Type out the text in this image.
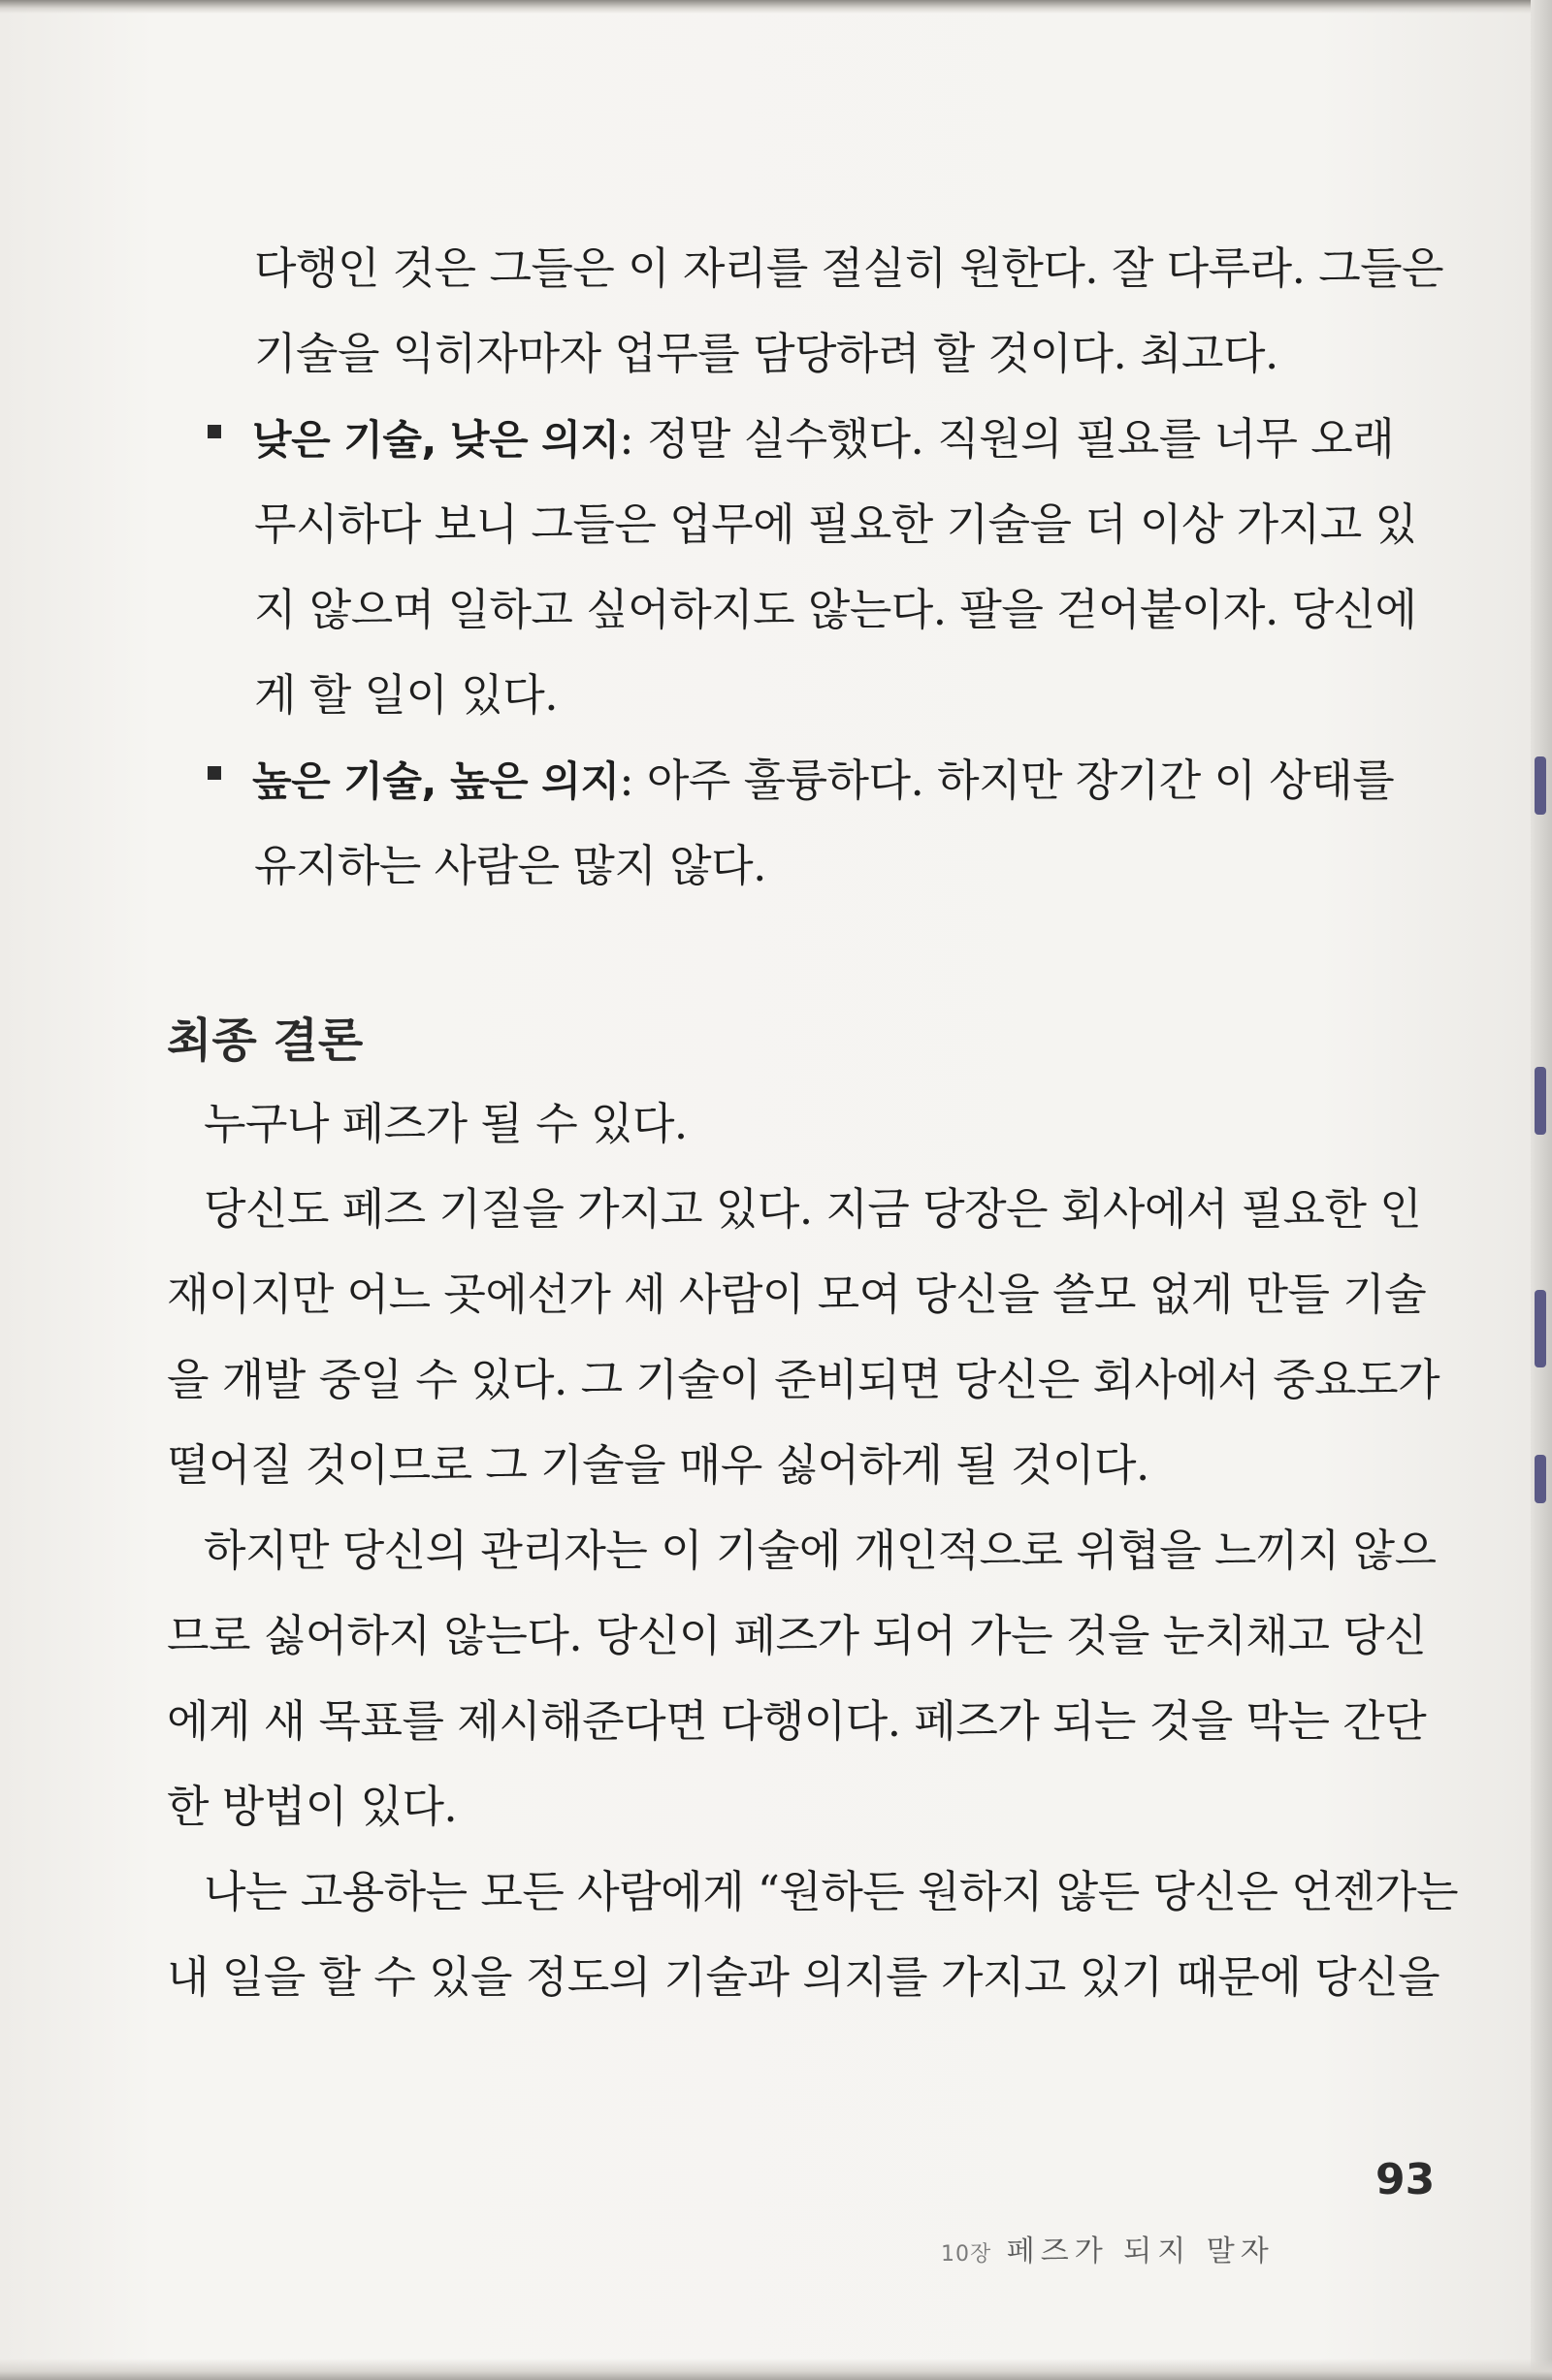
다행인 것은 그들은 이 자리를 절실히 원한다. 잘 다루라. 그들은
기술을 익히자마자 업무를 담당하려 할 것이다. 최고다.
낮은 기술, 낮은 의지: 정말 실수했다. 직원의 필요를 너무 오래
무시하다 보니 그들은 업무에 필요한 기술을 더 이상 가지고 있
지 않으며 일하고 싶어하지도 않는다. 팔을 걷어붙이자. 당신에
게 할 일이 있다.
높은 기술, 높은 의지: 아주 훌륭하다. 하지만 장기간 이 상태를
유지하는 사람은 많지 않다.
최종 결론
누구나 페즈가 될 수 있다.
당신도 페즈 기질을 가지고 있다. 지금 당장은 회사에서 필요한 인
재이지만 어느 곳에선가 세 사람이 모여 당신을 쓸모 없게 만들 기술
을 개발 중일 수 있다. 그 기술이 준비되면 당신은 회사에서 중요도가
떨어질 것이므로 그 기술을 매우 싫어하게 될 것이다.
하지만 당신의 관리자는 이 기술에 개인적으로 위협을 느끼지 않으
므로 싫어하지 않는다. 당신이 페즈가 되어 가는 것을 눈치채고 당신
에게 새 목표를 제시해준다면 다행이다. 페즈가 되는 것을 막는 간단
한 방법이 있다.
나는 고용하는 모든 사람에게 “원하든 원하지 않든 당신은 언젠가는
내 일을 할 수 있을 정도의 기술과 의지를 가지고 있기 때문에 당신을
93
10장 페즈가 되지 말자
